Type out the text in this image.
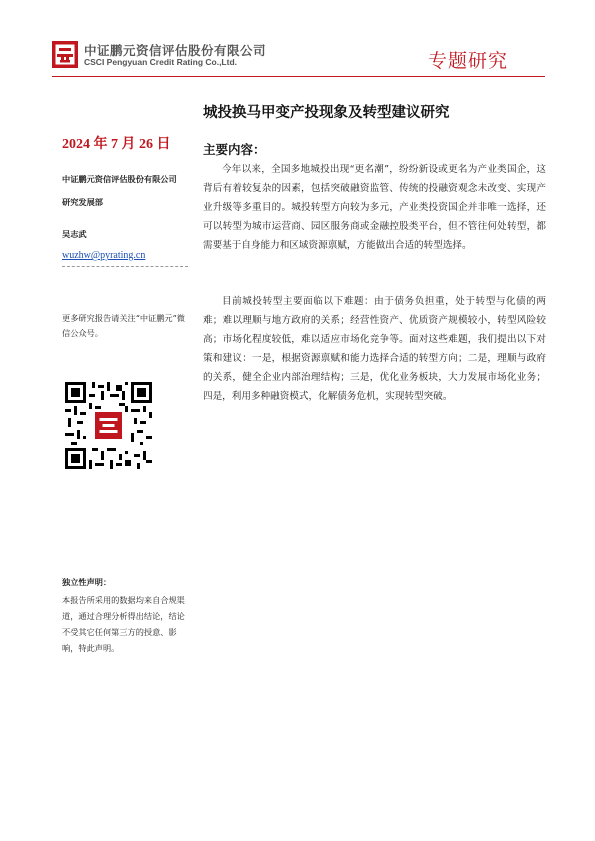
中证鹏元资信评估股份有限公司
CSCI Pengyuan Credit Rating Co.,Ltd.	专题研究
城投换马甲变产投现象及转型建议研究
2024 年 7 月 26 日
中证鹏元资信评估股份有限公司
研究发展部
吴志武
wuzhw@pyrating.cn
更多研究报告请关注“中证鹏元”微信公众号。
独立性声明：
本报告所采用的数据均来自合规渠道，通过合理分析得出结论，结论不受其它任何第三方的授意、影响，特此声明。
主要内容：
今年以来，全国多地城投出现“更名潮”，纷纷新设或更名为产业类国企，这背后有着较复杂的因素，包括突破融资监管、传统的投融资观念未改变、实现产业升级等多重目的。城投转型方向较为多元，产业类投资国企并非唯一选择，还可以转型为城市运营商、园区服务商或金融控股类平台，但不管往何处转型，都需要基于自身能力和区域资源禀赋，方能做出合适的转型选择。
目前城投转型主要面临以下难题：由于债务负担重，处于转型与化债的两难；难以理顺与地方政府的关系；经营性资产、优质资产规模较小，转型风险较高；市场化程度较低，难以适应市场化竞争等。面对这些难题，我们提出以下对策和建议：一是，根据资源禀赋和能力选择合适的转型方向；二是，理顺与政府的关系，健全企业内部治理结构；三是，优化业务板块，大力发展市场化业务；四是，利用多种融资模式，化解债务危机，实现转型突破。
